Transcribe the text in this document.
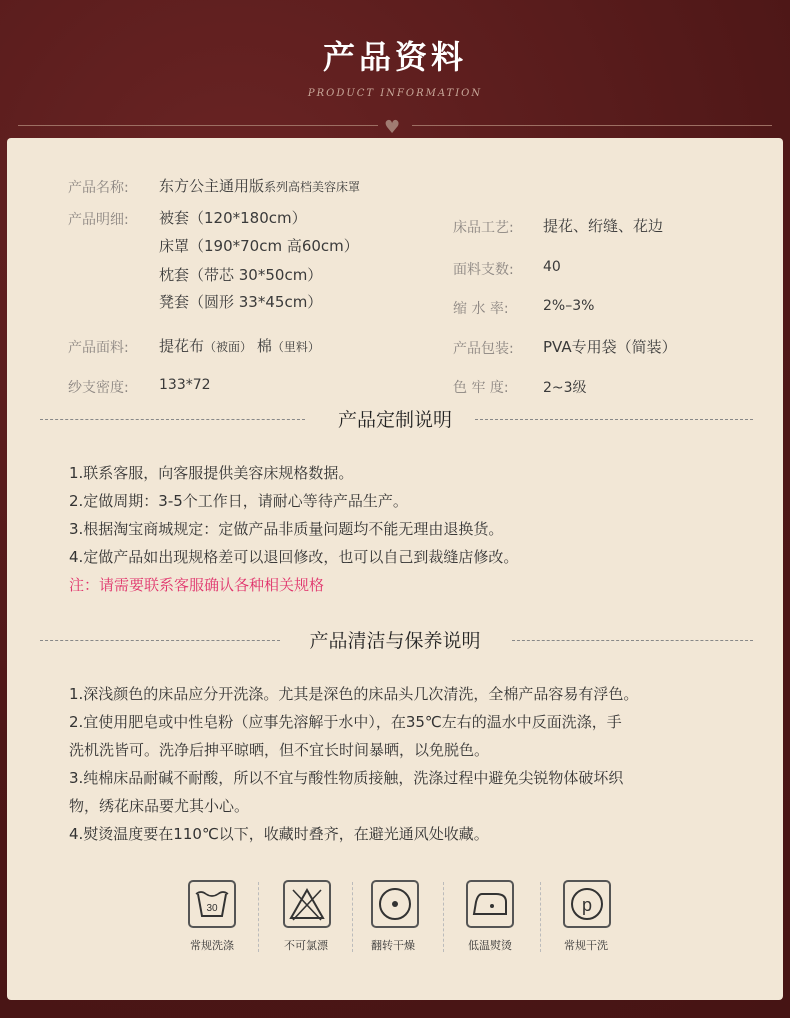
产品资料
PRODUCT INFORMATION
♥
产品名称: 东方公主通用版系列高档美容床罩
产品明细: 被套（120*180cm）
床罩（190*70cm 高60cm）
枕套（带芯 30*50cm）
凳套（圆形 33*45cm）
床品工艺: 提花、绗缝、花边
面料支数: 40
缩 水 率: 2%–3%
产品面料: 提花布（被面） 棉（里料）	产品包装: PVA专用袋（简装）
纱支密度: 133*72	色 牢 度: 2~3级
产品定制说明
1.联系客服，向客服提供美容床规格数据。
2.定做周期：3-5个工作日，请耐心等待产品生产。
3.根据淘宝商城规定：定做产品非质量问题均不能无理由退换货。
4.定做产品如出现规格差可以退回修改，也可以自己到裁缝店修改。
注：请需要联系客服确认各种相关规格
产品清洁与保养说明
1.深浅颜色的床品应分开洗涤。尤其是深色的床品头几次清洗，全棉产品容易有浮色。
2.宜使用肥皂或中性皂粉（应事先溶解于水中），在35℃左右的温水中反面洗涤，手
洗机洗皆可。洗净后抻平晾晒，但不宜长时间暴晒，以免脱色。
3.纯棉床品耐碱不耐酸，所以不宜与酸性物质接触，洗涤过程中避免尖锐物体破坏织
物，绣花床品要尤其小心。
4.熨烫温度要在110℃以下，收藏时叠齐，在避光通风处收藏。
30
常规洗涤	不可氯漂	翻转干燥	低温熨烫
p
常规干洗
